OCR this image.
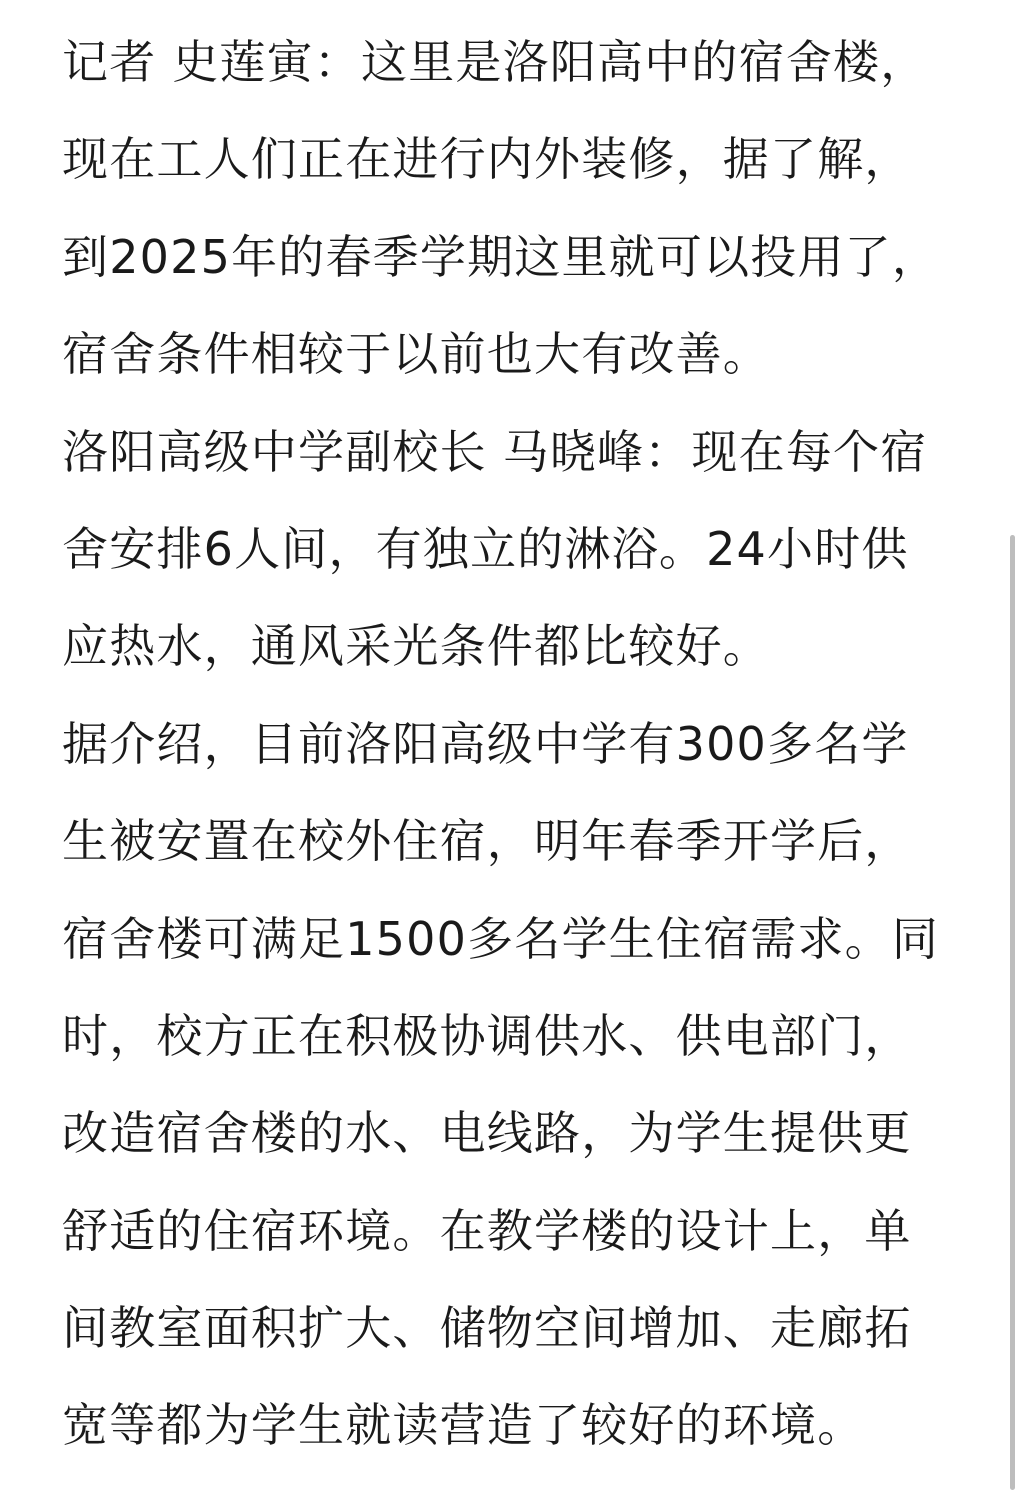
记者 史莲寅：这里是洛阳高中的宿舍楼，
现在工人们正在进行内外装修，据了解，
到2025年的春季学期这里就可以投用了，
宿舍条件相较于以前也大有改善。
洛阳高级中学副校长 马晓峰：现在每个宿
舍安排6人间，有独立的淋浴。24小时供
应热水，通风采光条件都比较好。
据介绍，目前洛阳高级中学有300多名学
生被安置在校外住宿，明年春季开学后，
宿舍楼可满足1500多名学生住宿需求。同
时，校方正在积极协调供水、供电部门，
改造宿舍楼的水、电线路，为学生提供更
舒适的住宿环境。在教学楼的设计上，单
间教室面积扩大、储物空间增加、走廊拓
宽等都为学生就读营造了较好的环境。
